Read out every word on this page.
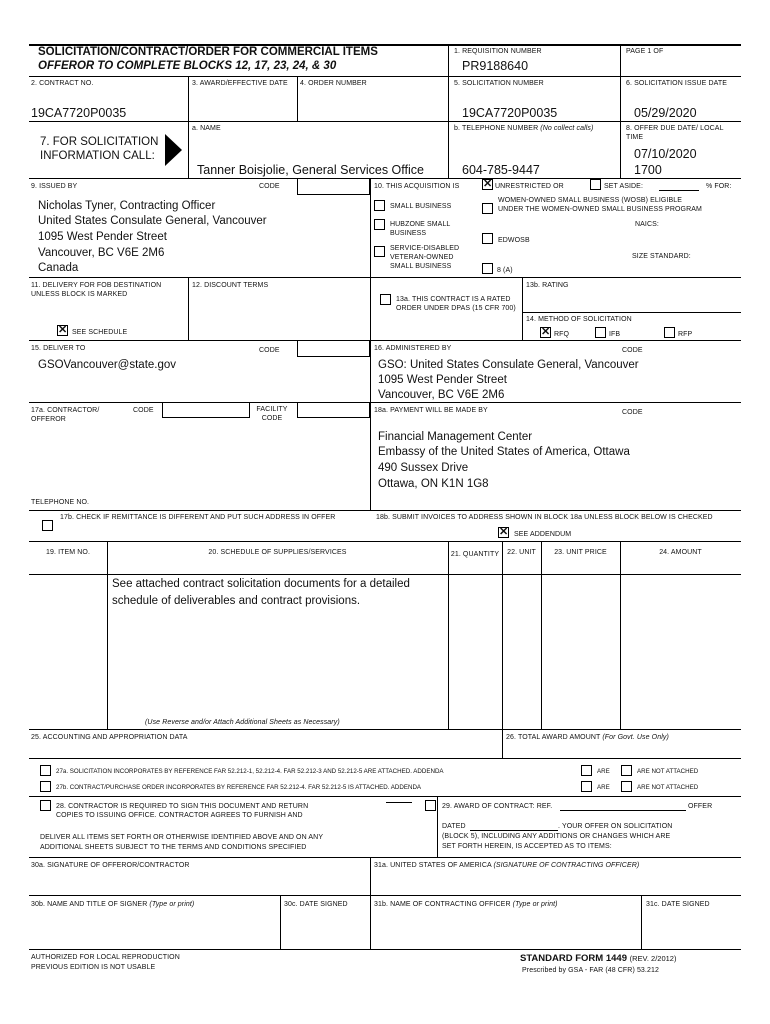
SOLICITATION/CONTRACT/ORDER FOR COMMERCIAL ITEMS
OFFEROR TO COMPLETE BLOCKS 12, 17, 23, 24, & 30
1. REQUISITION NUMBER
PR9188640
PAGE 1 OF
2. CONTRACT NO.
19CA7720P0035
3. AWARD/EFFECTIVE DATE	4. ORDER NUMBER	5. SOLICITATION NUMBER
19CA7720P0035
6. SOLICITATION ISSUE DATE
05/29/2020
7. FOR SOLICITATION INFORMATION CALL:
a. NAME
Tanner Boisjolie, General Services Office
b. TELEPHONE NUMBER (No collect calls)
604-785-9447
8. OFFER DUE DATE/ LOCAL TIME
07/10/2020
1700
9. ISSUED BY	CODE
Nicholas Tyner, Contracting Officer
United States Consulate General, Vancouver
1095 West Pender Street
Vancouver, BC V6E 2M6
Canada
10. THIS ACQUISITION IS
✕	UNRESTRICTED OR	SET ASIDE:	% FOR:
SMALL BUSINESS
HUBZONE SMALL BUSINESS
SERVICE-DISABLED VETERAN-OWNED SMALL BUSINESS
WOMEN-OWNED SMALL BUSINESS (WOSB) ELIGIBLE UNDER THE WOMEN-OWNED SMALL BUSINESS PROGRAM
NAICS:
EDWOSB
8 (A)
SIZE STANDARD:
11. DELIVERY FOR FOB DESTINATION UNLESS BLOCK IS MARKED
✕
SEE SCHEDULE
12. DISCOUNT TERMS
13a. THIS CONTRACT IS A RATED ORDER UNDER DPAS (15 CFR 700)
13b. RATING
14. METHOD OF SOLICITATION
✕
RFQ	IFB	RFP
15. DELIVER TO	CODE
GSOVancouver@state.gov
16. ADMINISTERED BY	CODE
GSO: United States Consulate General, Vancouver
1095 West Pender Street
Vancouver, BC V6E 2M6
17a. CONTRACTOR/ OFFEROR
CODE	FACILITY CODE
18a. PAYMENT WILL BE MADE BY	CODE
Financial Management Center
Embassy of the United States of America, Ottawa
490 Sussex Drive
Ottawa, ON K1N 1G8
TELEPHONE NO.
17b. CHECK IF REMITTANCE IS DIFFERENT AND PUT SUCH ADDRESS IN OFFER	18b. SUBMIT INVOICES TO ADDRESS SHOWN IN BLOCK 18a UNLESS BLOCK BELOW IS CHECKED
✕
SEE ADDENDUM
19. ITEM NO.	20. SCHEDULE OF SUPPLIES/SERVICES	21. QUANTITY	22. UNIT	23. UNIT PRICE	24. AMOUNT
See attached contract solicitation documents for a detailed
schedule of deliverables and contract provisions.
(Use Reverse and/or Attach Additional Sheets as Necessary)
25. ACCOUNTING AND APPROPRIATION DATA	26. TOTAL AWARD AMOUNT (For Govt. Use Only)
27a. SOLICITATION INCORPORATES BY REFERENCE FAR 52.212-1, 52.212-4. FAR 52.212-3 AND 52.212-5 ARE ATTACHED. ADDENDA	ARE	ARE NOT ATTACHED
27b. CONTRACT/PURCHASE ORDER INCORPORATES BY REFERENCE FAR 52.212-4. FAR 52.212-5 IS ATTACHED. ADDENDA	ARE	ARE NOT ATTACHED
28. CONTRACTOR IS REQUIRED TO SIGN THIS DOCUMENT AND RETURN
COPIES TO ISSUING OFFICE. CONTRACTOR AGREES TO FURNISH AND
DELIVER ALL ITEMS SET FORTH OR OTHERWISE IDENTIFIED ABOVE AND ON ANY
ADDITIONAL SHEETS SUBJECT TO THE TERMS AND CONDITIONS SPECIFIED
29. AWARD OF CONTRACT: REF.	OFFER
DATED	. YOUR OFFER ON SOLICITATION
(BLOCK 5), INCLUDING ANY ADDITIONS OR CHANGES WHICH ARE
SET FORTH HEREIN, IS ACCEPTED AS TO ITEMS:
30a. SIGNATURE OF OFFEROR/CONTRACTOR	31a. UNITED STATES OF AMERICA (SIGNATURE OF CONTRACTING OFFICER)
30b. NAME AND TITLE OF SIGNER (Type or print)	30c. DATE SIGNED	31b. NAME OF CONTRACTING OFFICER (Type or print)	31c. DATE SIGNED
AUTHORIZED FOR LOCAL REPRODUCTION
PREVIOUS EDITION IS NOT USABLE
STANDARD FORM 1449 (REV. 2/2012)
Prescribed by GSA - FAR (48 CFR) 53.212
